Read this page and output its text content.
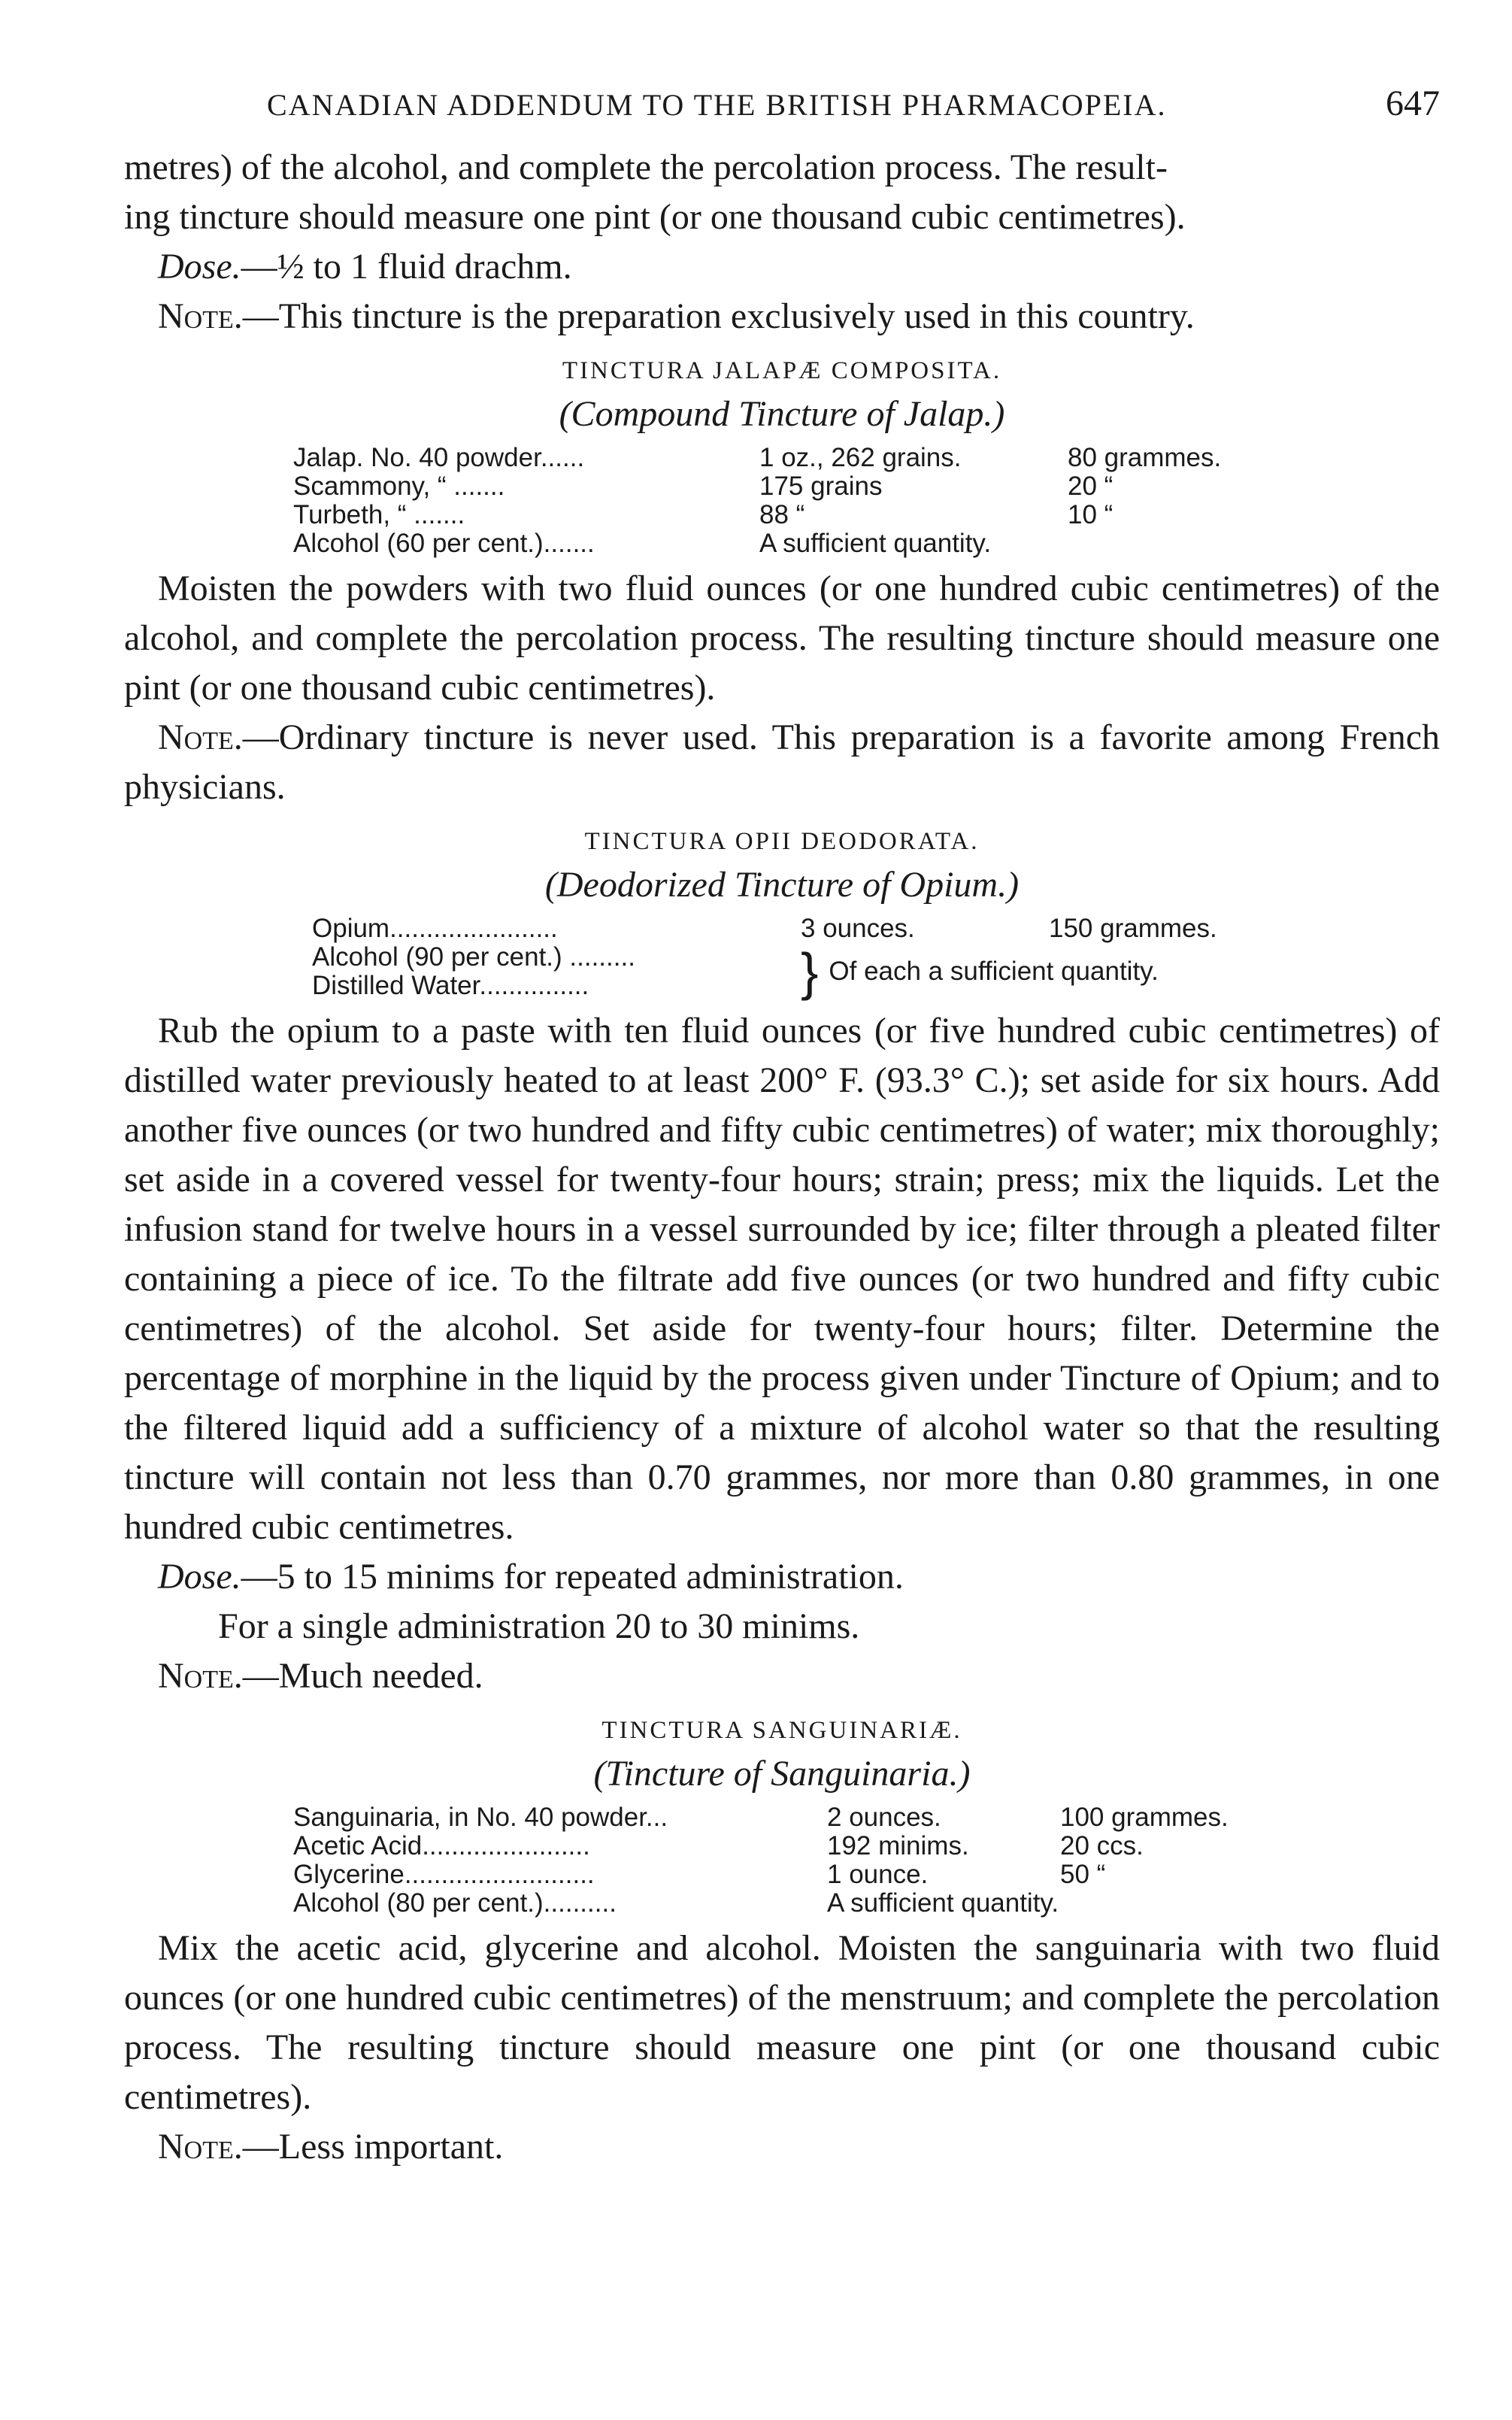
CANADIAN ADDENDUM TO THE BRITISH PHARMACOPEIA.	647

metres) of the alcohol, and complete the percolation process. The result-

ing tincture should measure one pint (or one thousand cubic centimetres).

Dose.—½ to 1 fluid drachm.

Note.—This tincture is the preparation exclusively used in this country.

TINCTURA JALAPÆ COMPOSITA.
(Compound Tincture of Jalap.)
Jalap. No. 40 powder......	1 oz., 262 grains.	80 grammes.
Scammony, “ .......	175 grains	20 “
Turbeth, “ .......	88 “	10 “
Alcohol (60 per cent.).......	A sufficient quantity.

Moisten the powders with two fluid ounces (or one hundred cubic centimetres) of the alcohol, and complete the percolation process. The resulting tincture should measure one pint (or one thousand cubic centimetres).

Note.—Ordinary tincture is never used. This preparation is a favorite among French physicians.

TINCTURA OPII DEODORATA.
(Deodorized Tincture of Opium.)
Opium.......................	3 ounces.	150 grammes.
Alcohol (90 per cent.) .........
Distilled Water...............	} Of each a sufficient quantity.

Rub the opium to a paste with ten fluid ounces (or five hundred cubic centimetres) of distilled water previously heated to at least 200° F. (93.3° C.); set aside for six hours. Add another five ounces (or two hundred and fifty cubic centimetres) of water; mix thoroughly; set aside in a covered vessel for twenty-four hours; strain; press; mix the liquids. Let the infusion stand for twelve hours in a vessel surrounded by ice; filter through a pleated filter containing a piece of ice. To the filtrate add five ounces (or two hundred and fifty cubic centimetres) of the alcohol. Set aside for twenty-four hours; filter. Determine the percentage of morphine in the liquid by the process given under Tincture of Opium; and to the filtered liquid add a sufficiency of a mixture of alcohol water so that the resulting tincture will contain not less than 0.70 grammes, nor more than 0.80 grammes, in one hundred cubic centimetres.

Dose.—5 to 15 minims for repeated administration.

For a single administration 20 to 30 minims.

Note.—Much needed.

TINCTURA SANGUINARIÆ.
(Tincture of Sanguinaria.)
Sanguinaria, in No. 40 powder...	2 ounces.	100 grammes.
Acetic Acid.......................	192 minims.	20 ccs.
Glycerine..........................	1 ounce.	50 “
Alcohol (80 per cent.)..........	A sufficient quantity.

Mix the acetic acid, glycerine and alcohol. Moisten the sanguinaria with two fluid ounces (or one hundred cubic centimetres) of the menstruum; and complete the percolation process. The resulting tincture should measure one pint (or one thousand cubic centimetres).

Note.—Less important.
